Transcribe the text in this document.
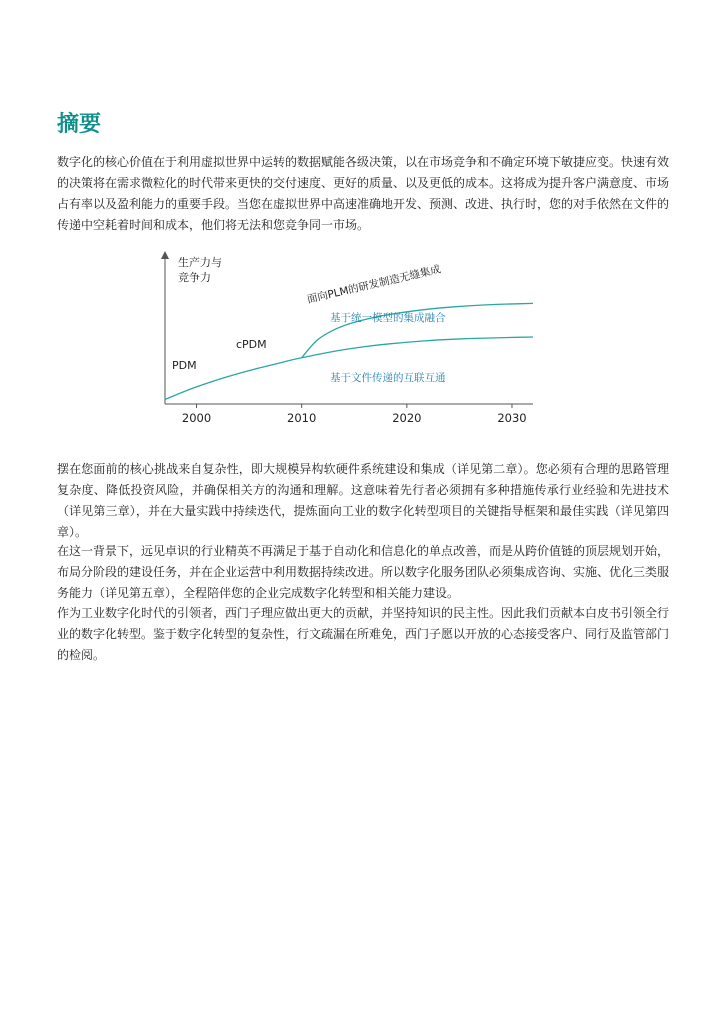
摘要

数字化的核心价值在于利用虚拟世界中运转的数据赋能各级决策，以在市场竞争和不确定环境下敏捷应变。快速有效的决策将在需求微粒化的时代带来更快的交付速度、更好的质量、以及更低的成本。这将成为提升客户满意度、市场占有率以及盈利能力的重要手段。当您在虚拟世界中高速准确地开发、预测、改进、执行时，您的对手依然在文件的传递中空耗着时间和成本，他们将无法和您竞争同一市场。

生产力与
竞争力
2000	2010	2020	2030
PDM
cPDM
面向PLM的研发制造无缝集成
基于统一模型的集成融合
基于文件传递的互联互通

摆在您面前的核心挑战来自复杂性，即大规模异构软硬件系统建设和集成（详见第二章）。您必须有合理的思路管理复杂度、降低投资风险，并确保相关方的沟通和理解。这意味着先行者必须拥有多种措施传承行业经验和先进技术（详见第三章），并在大量实践中持续迭代，提炼面向工业的数字化转型项目的关键指导框架和最佳实践（详见第四章）。

在这一背景下，远见卓识的行业精英不再满足于基于自动化和信息化的单点改善，而是从跨价值链的顶层规划开始，布局分阶段的建设任务，并在企业运营中利用数据持续改进。所以数字化服务团队必须集成咨询、实施、优化三类服务能力（详见第五章），全程陪伴您的企业完成数字化转型和相关能力建设。

作为工业数字化时代的引领者，西门子理应做出更大的贡献，并坚持知识的民主性。因此我们贡献本白皮书引领全行业的数字化转型。鉴于数字化转型的复杂性，行文疏漏在所难免，西门子愿以开放的心态接受客户、同行及监管部门的检阅。
